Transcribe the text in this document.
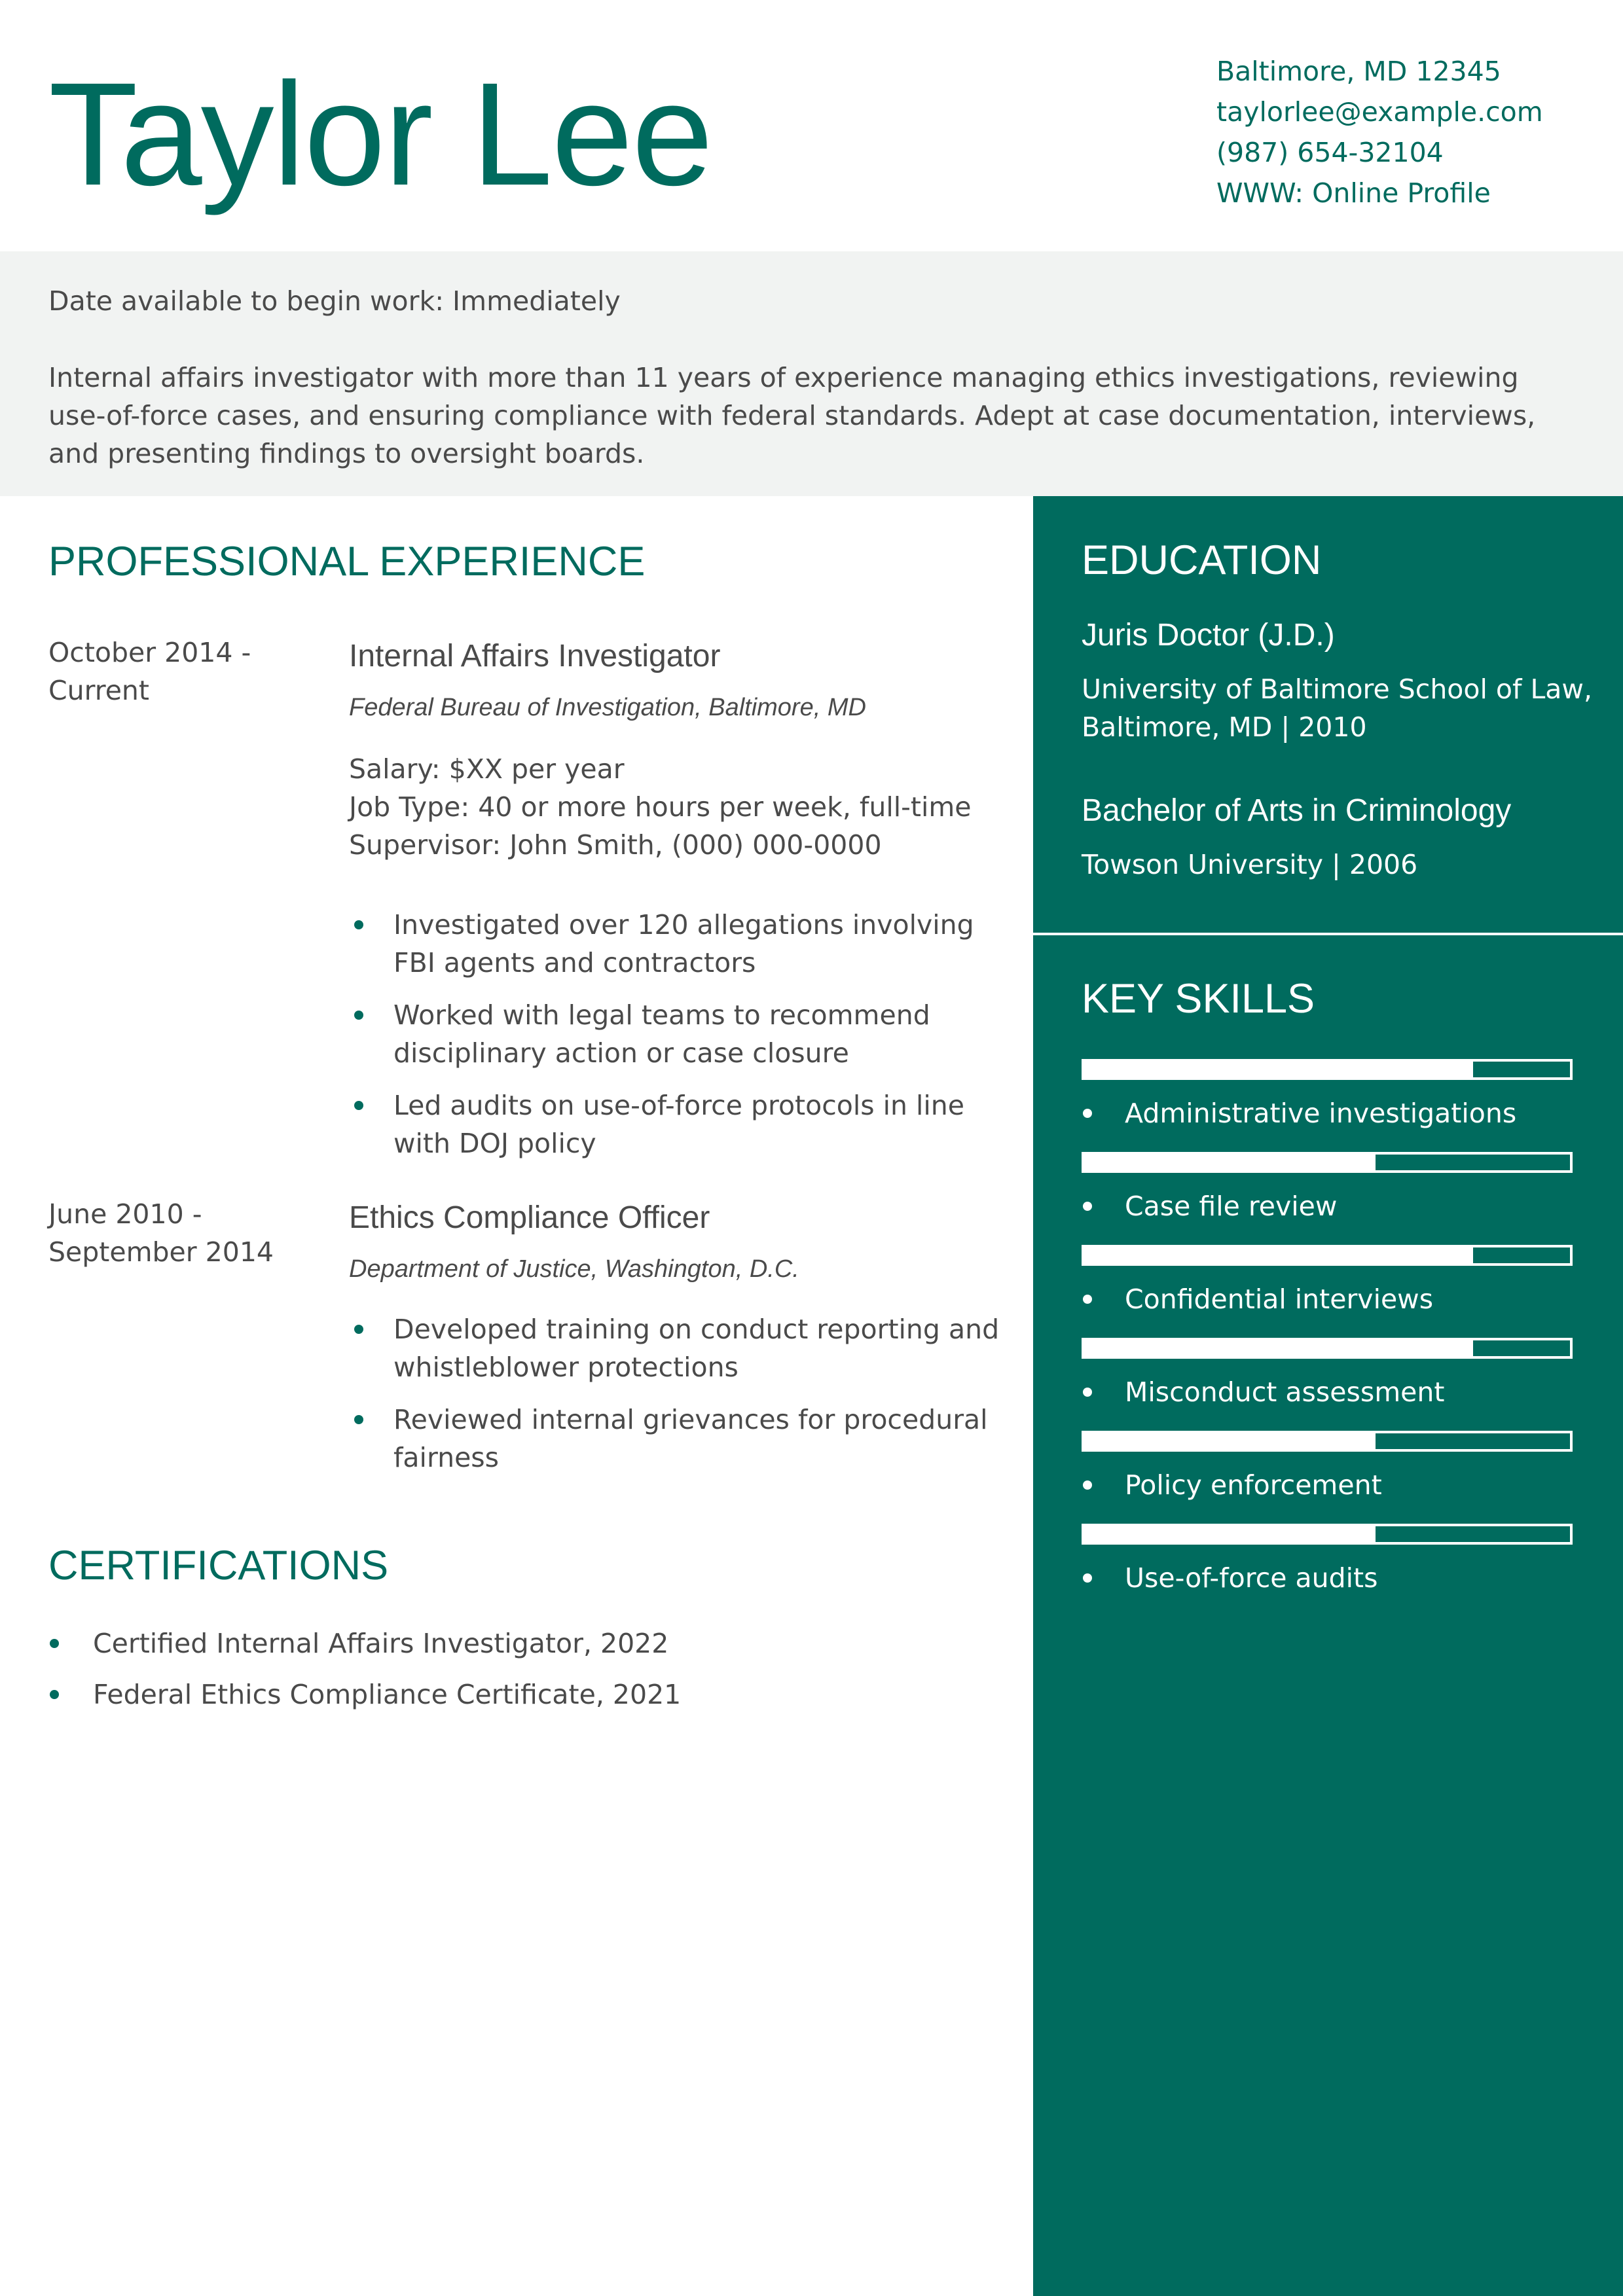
Taylor Lee	Baltimore, MD 12345
taylorlee@example.com
(987) 654-32104
WWW: Online Profile
Date available to begin work: Immediately
Internal affairs investigator with more than 11 years of experience managing ethics investigations, reviewing use-of-force cases, and ensuring compliance with federal standards. Adept at case documentation, interviews, and presenting findings to oversight boards.
PROFESSIONAL EXPERIENCE
October 2014 - Current
Internal Affairs Investigator
Federal Bureau of Investigation, Baltimore, MD
Salary: $XX per year
Job Type: 40 or more hours per week, full-time
Supervisor: John Smith, (000) 000-0000
Investigated over 120 allegations involving FBI agents and contractors
Worked with legal teams to recommend disciplinary action or case closure
Led audits on use-of-force protocols in line with DOJ policy
June 2010 - September 2014
Ethics Compliance Officer
Department of Justice, Washington, D.C.
Developed training on conduct reporting and whistleblower protections
Reviewed internal grievances for procedural fairness
CERTIFICATIONS
Certified Internal Affairs Investigator, 2022
Federal Ethics Compliance Certificate, 2021
EDUCATION
Juris Doctor (J.D.)
University of Baltimore School of Law, Baltimore, MD | 2010
Bachelor of Arts in Criminology
Towson University | 2006
KEY SKILLS
Administrative investigations
Case file review
Confidential interviews
Misconduct assessment
Policy enforcement
Use-of-force audits
